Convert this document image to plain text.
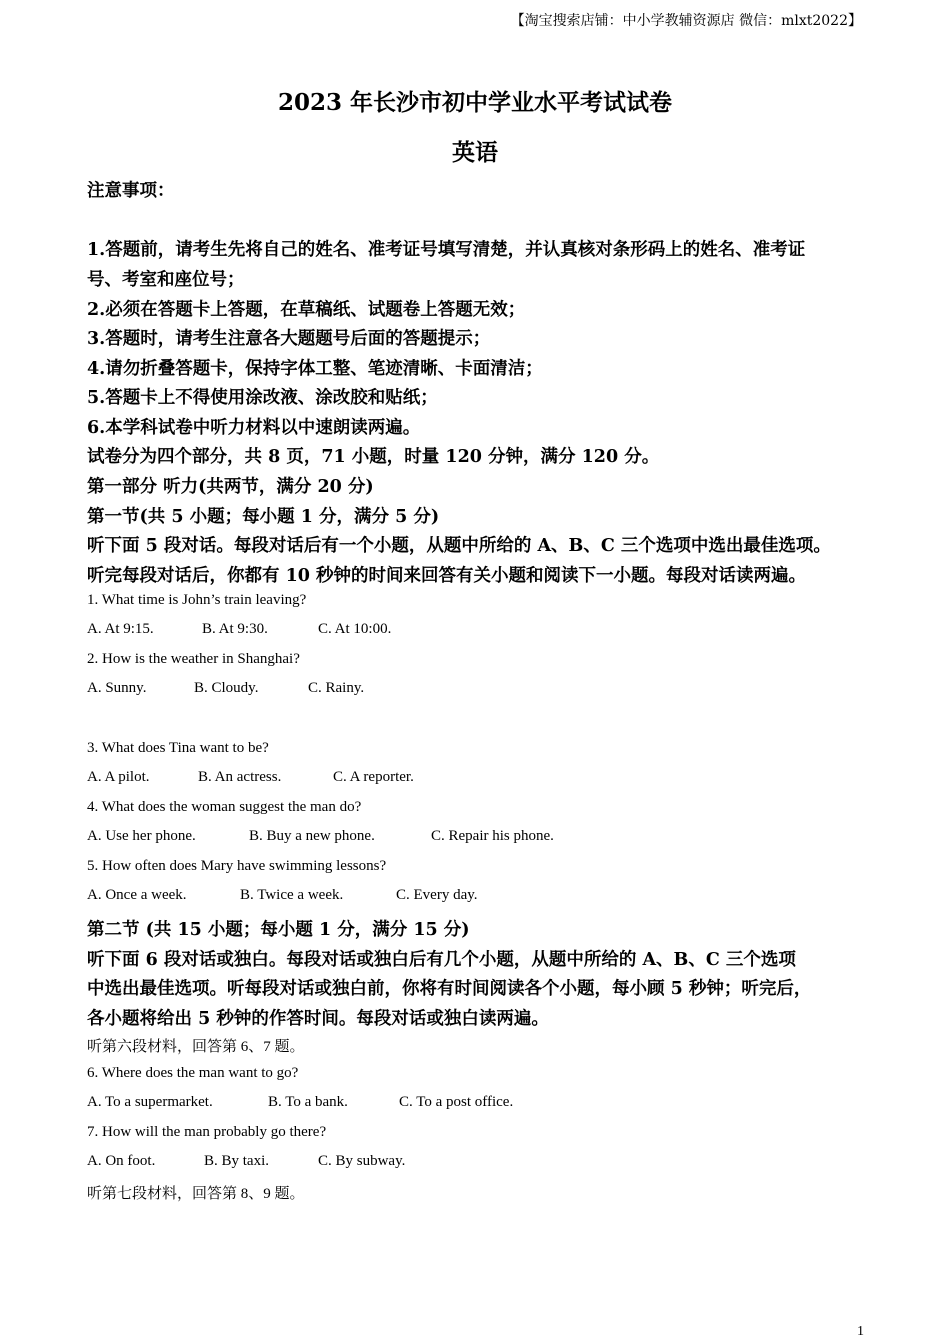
【淘宝搜索店铺：中小学教辅资源店 微信：mlxt2022】
2023 年长沙市初中学业水平考试试卷
英语
注意事项：
1.答题前，请考生先将自己的姓名、准考证号填写清楚，并认真核对条形码上的姓名、准考证
号、考室和座位号；
2.必须在答题卡上答题，在草稿纸、试题卷上答题无效；
3.答题时，请考生注意各大题题号后面的答题提示；
4.请勿折叠答题卡，保持字体工整、笔迹清晰、卡面清洁；
5.答题卡上不得使用涂改液、涂改胶和贴纸；
6.本学科试卷中听力材料以中速朗读两遍。
试卷分为四个部分，共 8 页，71 小题，时量 120 分钟，满分 120 分。
第一部分 听力(共两节，满分 20 分)
第一节(共 5 小题；每小题 1 分，满分 5 分)
听下面 5 段对话。每段对话后有一个小题，从题中所给的 A、B、C 三个选项中选出最佳选项。
听完每段对话后，你都有 10 秒钟的时间来回答有关小题和阅读下一小题。每段对话读两遍。
1. What time is John’s train leaving?
A. At 9:15.	B. At 9:30.	C. At 10:00.
2. How is the weather in Shanghai?
A. Sunny.	B. Cloudy.	C. Rainy.
3. What does Tina want to be?
A. A pilot.	B. An actress.	C. A reporter.
4. What does the woman suggest the man do?
A. Use her phone.	B. Buy a new phone.	C. Repair his phone.
5. How often does Mary have swimming lessons?
A. Once a week.	B. Twice a week.	C. Every day.
第二节 (共 15 小题；每小题 1 分，满分 15 分)
听下面 6 段对话或独白。每段对话或独白后有几个小题，从题中所给的 A、B、C 三个选项
中选出最佳选项。听每段对话或独白前，你将有时间阅读各个小题，每小顾 5 秒钟；听完后，
各小题将给出 5 秒钟的作答时间。每段对话或独白读两遍。
听第六段材料，回答第 6、7 题。
6. Where does the man want to go?
A. To a supermarket.	B. To a bank.	C. To a post office.
7. How will the man probably go there?
A. On foot.	B. By taxi.	C. By subway.
听第七段材料，回答第 8、9 题。
1
